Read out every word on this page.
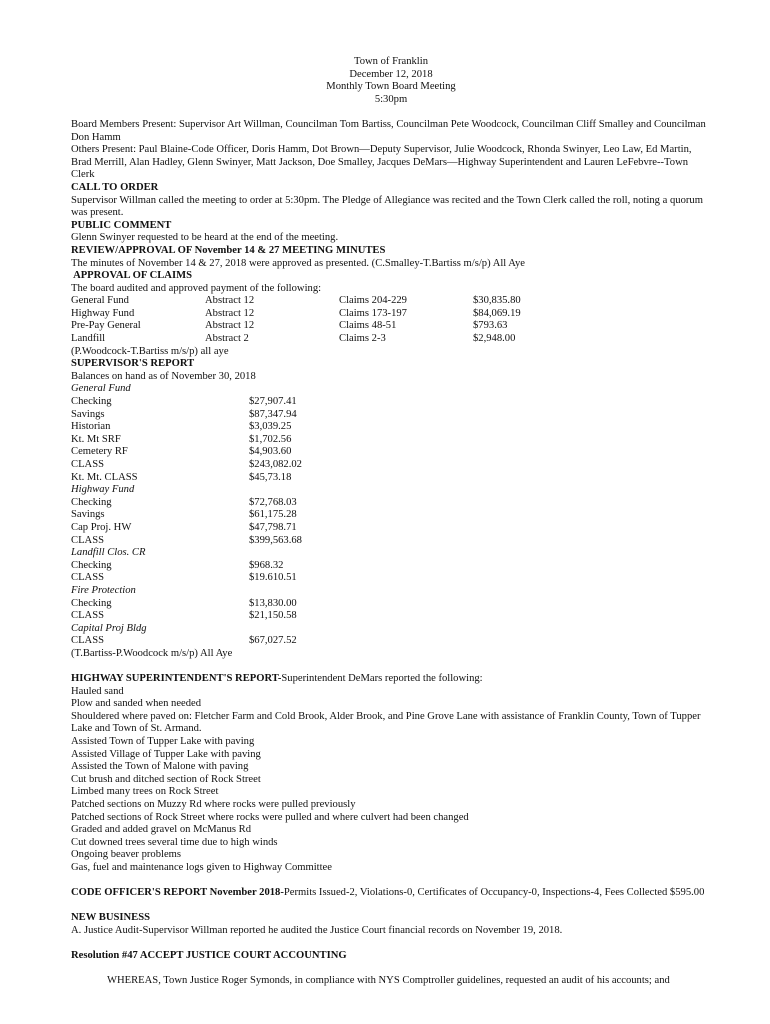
Town of Franklin

December 12, 2018

Monthly Town Board Meeting

5:30pm

Board Members Present: Supervisor Art Willman, Councilman Tom Bartiss, Councilman Pete Woodcock, Councilman Cliff Smalley and Councilman Don Hamm

Others Present: Paul Blaine-Code Officer, Doris Hamm, Dot Brown—Deputy Supervisor, Julie Woodcock, Rhonda Swinyer, Leo Law, Ed Martin, Brad Merrill, Alan Hadley, Glenn Swinyer, Matt Jackson, Doe Smalley, Jacques DeMars—Highway Superintendent and Lauren LeFebvre--Town Clerk

CALL TO ORDER

Supervisor Willman called the meeting to order at 5:30pm. The Pledge of Allegiance was recited and the Town Clerk called the roll, noting a quorum was present.

PUBLIC COMMENT

Glenn Swinyer requested to be heard at the end of the meeting.

REVIEW/APPROVAL OF November 14 & 27 MEETING MINUTES

The minutes of November 14 & 27, 2018 were approved as presented. (C.Smalley-T.Bartiss m/s/p) All Aye

APPROVAL OF CLAIMS

The board audited and approved payment of the following:

General Fund	Abstract 12	Claims 204-229	$30,835.80
Highway Fund	Abstract 12	Claims 173-197	$84,069.19
Pre-Pay General	Abstract 12	Claims 48-51	$793.63
Landfill	Abstract 2	Claims 2-3	$2,948.00

(P.Woodcock-T.Bartiss m/s/p) all aye

SUPERVISOR'S REPORT

Balances on hand as of November 30, 2018

General Fund

Checking	$27,907.41
Savings	$87,347.94
Historian	$3,039.25
Kt. Mt SRF	$1,702.56
Cemetery RF	$4,903.60
CLASS	$243,082.02
Kt. Mt. CLASS	$45,73.18

Highway Fund

Checking	$72,768.03
Savings	$61,175.28
Cap Proj. HW	$47,798.71
CLASS	$399,563.68

Landfill Clos. CR

Checking	$968.32
CLASS	$19.610.51

Fire Protection

Checking	$13,830.00
CLASS	$21,150.58

Capital Proj Bldg

CLASS	$67,027.52

(T.Bartiss-P.Woodcock m/s/p) All Aye

HIGHWAY SUPERINTENDENT'S REPORT-Superintendent DeMars reported the following:

Hauled sand

Plow and sanded when needed

Shouldered where paved on: Fletcher Farm and Cold Brook, Alder Brook, and Pine Grove Lane with assistance of Franklin County, Town of Tupper Lake and Town of St. Armand.

Assisted Town of Tupper Lake with paving

Assisted Village of Tupper Lake with paving

Assisted the Town of Malone with paving

Cut brush and ditched section of Rock Street

Limbed many trees on Rock Street

Patched sections on Muzzy Rd where rocks were pulled previously

Patched sections of Rock Street where rocks were pulled and where culvert had been changed

Graded and added gravel on McManus Rd

Cut downed trees several time due to high winds

Ongoing beaver problems

Gas, fuel and maintenance logs given to Highway Committee

CODE OFFICER'S REPORT November 2018-Permits Issued-2, Violations-0, Certificates of Occupancy-0, Inspections-4, Fees Collected $595.00

NEW BUSINESS

A. Justice Audit-Supervisor Willman reported he audited the Justice Court financial records on November 19, 2018.

Resolution #47 ACCEPT JUSTICE COURT ACCOUNTING

WHEREAS, Town Justice Roger Symonds, in compliance with NYS Comptroller guidelines, requested an audit of his accounts; and
